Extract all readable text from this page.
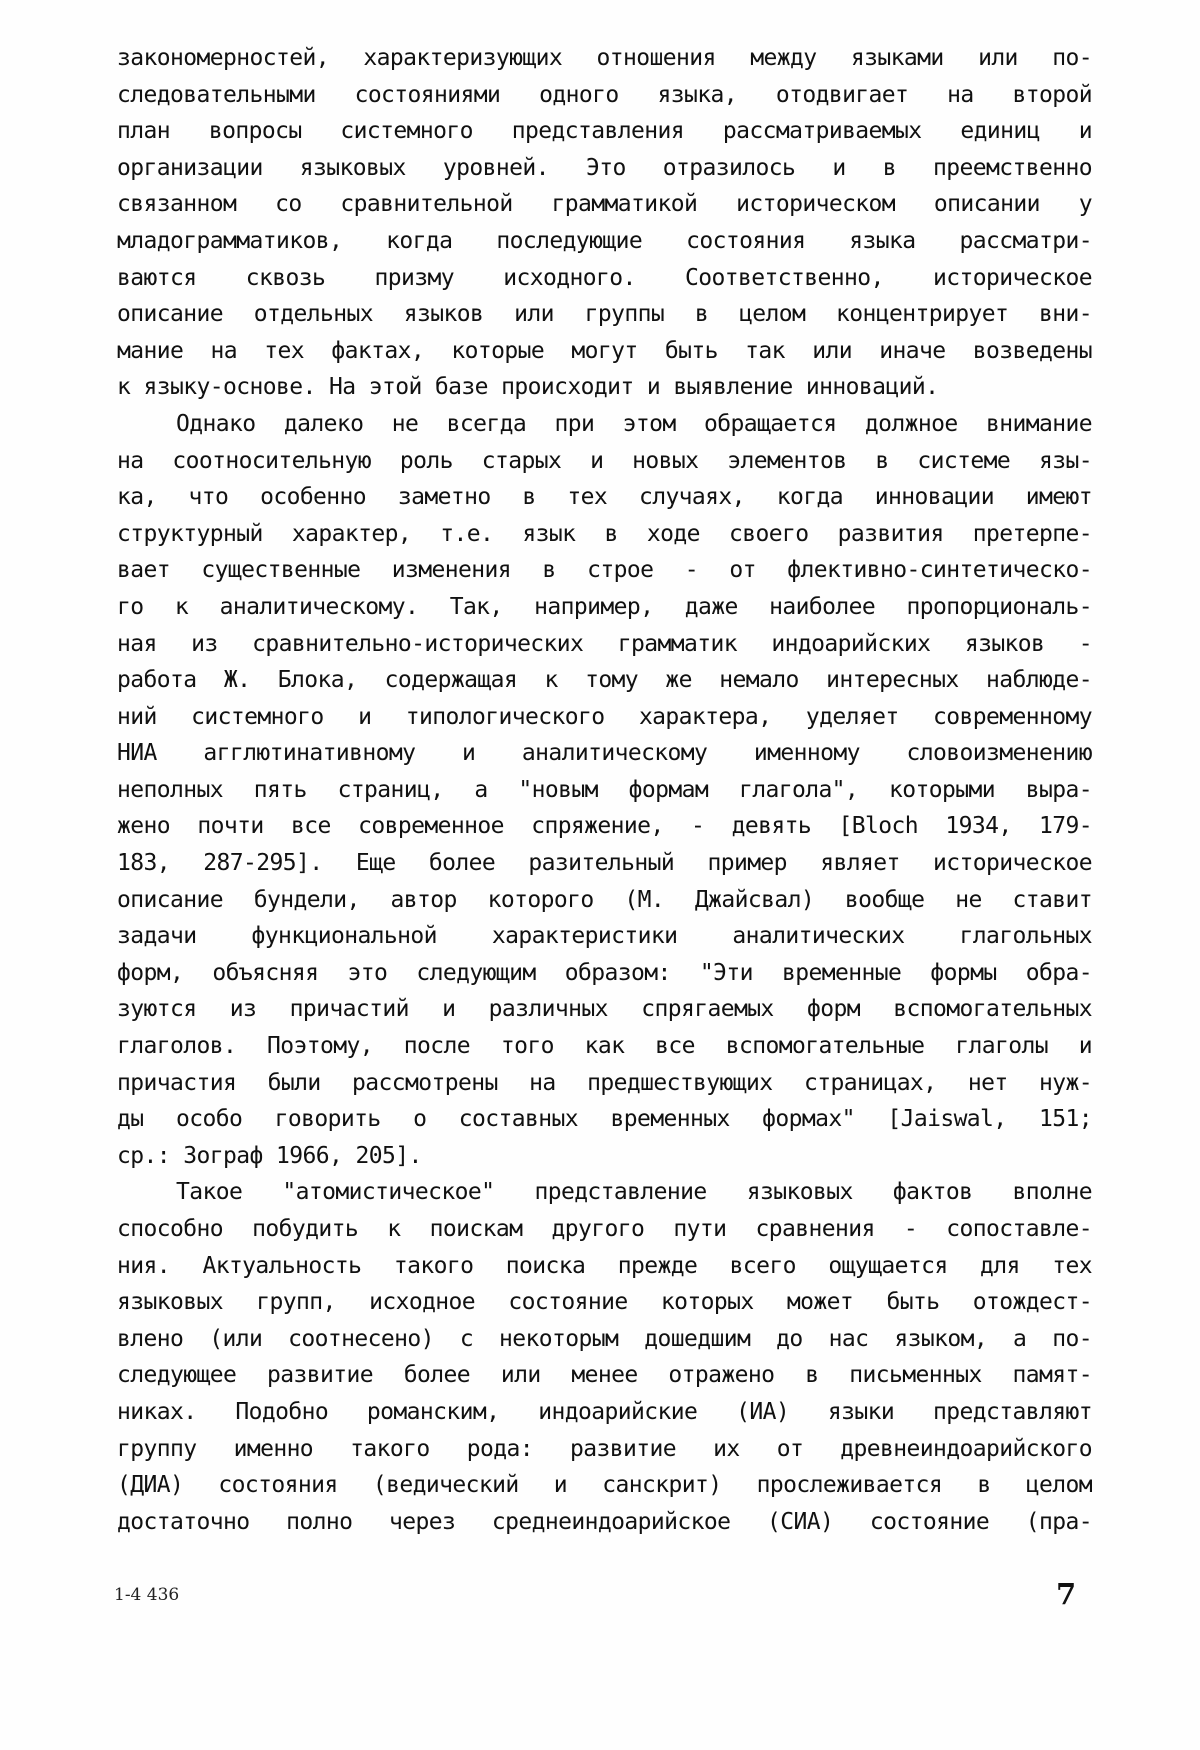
закономерностей, характеризующих отношения между языками или по-
следовательными состояниями одного языка, отодвигает на второй
план вопросы системного представления рассматриваемых единиц и
организации языковых уровней. Это отразилось и в преемственно
связанном со сравнительной грамматикой историческом описании у
младограмматиков, когда последующие состояния языка рассматри-
ваются сквозь призму исходного. Соответственно, историческое
описание отдельных языков или группы в целом концентрирует вни-
мание на тех фактах, которые могут быть так или иначе возведены
к языку-основе. На этой базе происходит и выявление инноваций.
Однако далеко не всегда при этом обращается должное внимание
на соотносительную роль старых и новых элементов в системе язы-
ка, что особенно заметно в тех случаях, когда инновации имеют
структурный характер, т.е. язык в ходе своего развития претерпе-
вает существенные изменения в строе - от флективно-синтетическо-
го к аналитическому. Так, например, даже наиболее пропорциональ-
ная из сравнительно-исторических грамматик индоарийских языков -
работа Ж. Блока, содержащая к тому же немало интересных наблюде-
ний системного и типологического характера, уделяет современному
НИА агглютинативному и аналитическому именному словоизменению
неполных пять страниц, а "новым формам глагола", которыми выра-
жено почти все современное спряжение, - девять [Bloch 1934, 179-
183, 287-295]. Еще более разительный пример являет историческое
описание бундели, автор которого (М. Джайсвал) вообще не ставит
задачи функциональной характеристики аналитических глагольных
форм, объясняя это следующим образом: "Эти временные формы обра-
зуются из причастий и различных спрягаемых форм вспомогательных
глаголов. Поэтому, после того как все вспомогательные глаголы и
причастия были рассмотрены на предшествующих страницах, нет нуж-
ды особо говорить о составных временных формах" [Jaiswal, 151;
ср.: Зограф 1966, 205].
Такое "атомистическое" представление языковых фактов вполне
способно побудить к поискам другого пути сравнения - сопоставле-
ния. Актуальность такого поиска прежде всего ощущается для тех
языковых групп, исходное состояние которых может быть отождест-
влено (или соотнесено) с некоторым дошедшим до нас языком, а по-
следующее развитие более или менее отражено в письменных памят-
никах. Подобно романским, индоарийские (ИА) языки представляют
группу именно такого рода: развитие их от древнеиндоарийского
(ДИА) состояния (ведический и санскрит) прослеживается в целом
достаточно полно через среднеиндоарийское (СИА) состояние (пра-
1-4 436	7
